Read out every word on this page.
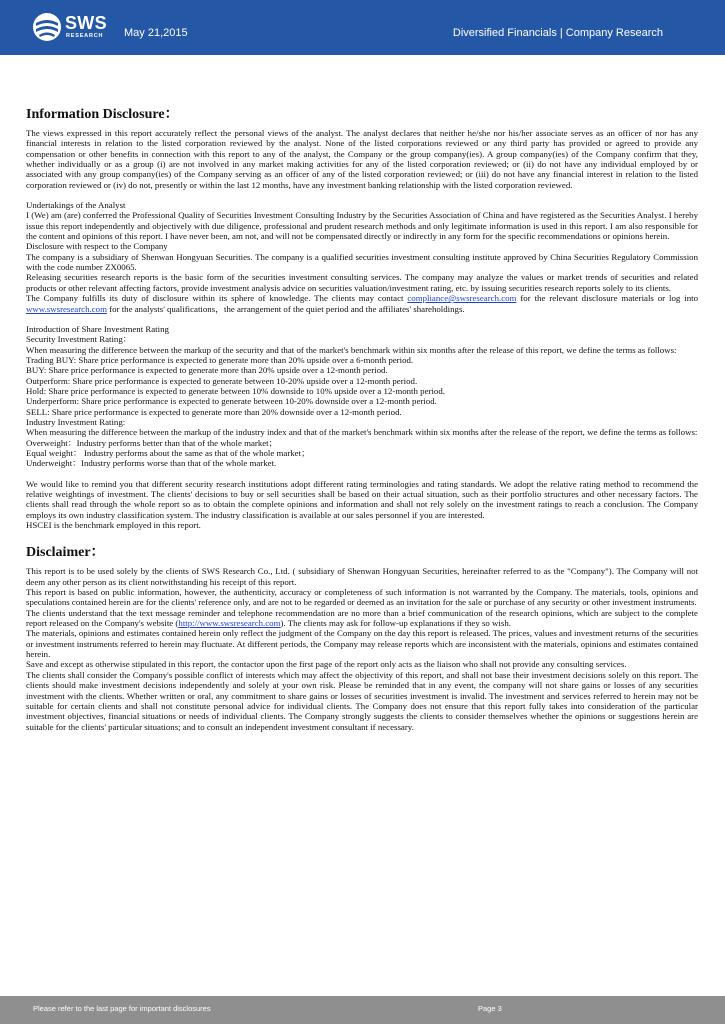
SWS
RESEARCH May 21,2015	Diversified Financials | Company Research

Information Disclosure：

The views expressed in this report accurately reflect the personal views of the analyst. The analyst declares that neither he/she nor his/her associate serves as an officer of nor has any financial interests in relation to the listed corporation reviewed by the analyst. None of the listed corporations reviewed or any third party has provided or agreed to provide any compensation or other benefits in connection with this report to any of the analyst, the Company or the group company(ies). A group company(ies) of the Company confirm that they, whether individually or as a group (i) are not involved in any market making activities for any of the listed corporation reviewed; or (ii) do not have any individual employed by or associated with any group company(ies) of the Company serving as an officer of any of the listed corporation reviewed; or (iii) do not have any financial interest in relation to the listed corporation reviewed or (iv) do not, presently or within the last 12 months, have any investment banking relationship with the listed corporation reviewed.

Undertakings of the Analyst

I (We) am (are) conferred the Professional Quality of Securities Investment Consulting Industry by the Securities Association of China and have registered as the Securities Analyst. I hereby issue this report independently and objectively with due diligence, professional and prudent research methods and only legitimate information is used in this report. I am also responsible for the content and opinions of this report. I have never been, am not, and will not be compensated directly or indirectly in any form for the specific recommendations or opinions herein.

Disclosure with respect to the Company

The company is a subsidiary of Shenwan Hongyuan Securities. The company is a qualified securities investment consulting institute approved by China Securities Regulatory Commission with the code number ZX0065.

Releasing securities research reports is the basic form of the securities investment consulting services. The company may analyze the values or market trends of securities and related products or other relevant affecting factors, provide investment analysis advice on securities valuation/investment rating, etc. by issuing securities research reports solely to its clients.

The Company fulfills its duty of disclosure within its sphere of knowledge. The clients may contact compliance@swsresearch.com for the relevant disclosure materials or log into www.swsresearch.com for the analysts' qualifications，the arrangement of the quiet period and the affiliates' shareholdings.

Introduction of Share Investment Rating

Security Investment Rating：

When measuring the difference between the markup of the security and that of the market's benchmark within six months after the release of this report, we define the terms as follows:

Trading BUY: Share price performance is expected to generate more than 20% upside over a 6-month period.

BUY: Share price performance is expected to generate more than 20% upside over a 12-month period.

Outperform: Share price performance is expected to generate between 10-20% upside over a 12-month period.

Hold: Share price performance is expected to generate between 10% downside to 10% upside over a 12-month period.

Underperform: Share price performance is expected to generate between 10-20% downside over a 12-month period.

SELL: Share price performance is expected to generate more than 20% downside over a 12-month period.

Industry Investment Rating:

When measuring the difference between the markup of the industry index and that of the market's benchmark within six months after the release of the report, we define the terms as follows:

Overweight：Industry performs better than that of the whole market；

Equal weight： Industry performs about the same as that of the whole market；

Underweight：Industry performs worse than that of the whole market.

We would like to remind you that different security research institutions adopt different rating terminologies and rating standards. We adopt the relative rating method to recommend the relative weightings of investment. The clients' decisions to buy or sell securities shall be based on their actual situation, such as their portfolio structures and other necessary factors. The clients shall read through the whole report so as to obtain the complete opinions and information and shall not rely solely on the investment ratings to reach a conclusion. The Company employs its own industry classification system. The industry classification is available at our sales personnel if you are interested.

HSCEI is the benchmark employed in this report.

Disclaimer：

This report is to be used solely by the clients of SWS Research Co., Ltd. ( subsidiary of Shenwan Hongyuan Securities, hereinafter referred to as the "Company"). The Company will not deem any other person as its client notwithstanding his receipt of this report.

This report is based on public information, however, the authenticity, accuracy or completeness of such information is not warranted by the Company. The materials, tools, opinions and speculations contained herein are for the clients' reference only, and are not to be regarded or deemed as an invitation for the sale or purchase of any security or other investment instruments.

The clients understand that the text message reminder and telephone recommendation are no more than a brief communication of the research opinions, which are subject to the complete report released on the Company's website (http://www.swsresearch.com). The clients may ask for follow-up explanations if they so wish.

The materials, opinions and estimates contained herein only reflect the judgment of the Company on the day this report is released. The prices, values and investment returns of the securities or investment instruments referred to herein may fluctuate. At different periods, the Company may release reports which are inconsistent with the materials, opinions and estimates contained herein.

Save and except as otherwise stipulated in this report, the contactor upon the first page of the report only acts as the liaison who shall not provide any consulting services.

The clients shall consider the Company's possible conflict of interests which may affect the objectivity of this report, and shall not base their investment decisions solely on this report. The clients should make investment decisions independently and solely at your own risk. Please be reminded that in any event, the company will not share gains or losses of any securities investment with the clients. Whether written or oral, any commitment to share gains or losses of securities investment is invalid. The investment and services referred to herein may not be suitable for certain clients and shall not constitute personal advice for individual clients. The Company does not ensure that this report fully takes into consideration of the particular investment objectives, financial situations or needs of individual clients. The Company strongly suggests the clients to consider themselves whether the opinions or suggestions herein are suitable for the clients' particular situations; and to consult an independent investment consultant if necessary.

Please refer to the last page for important disclosures	Page 3
